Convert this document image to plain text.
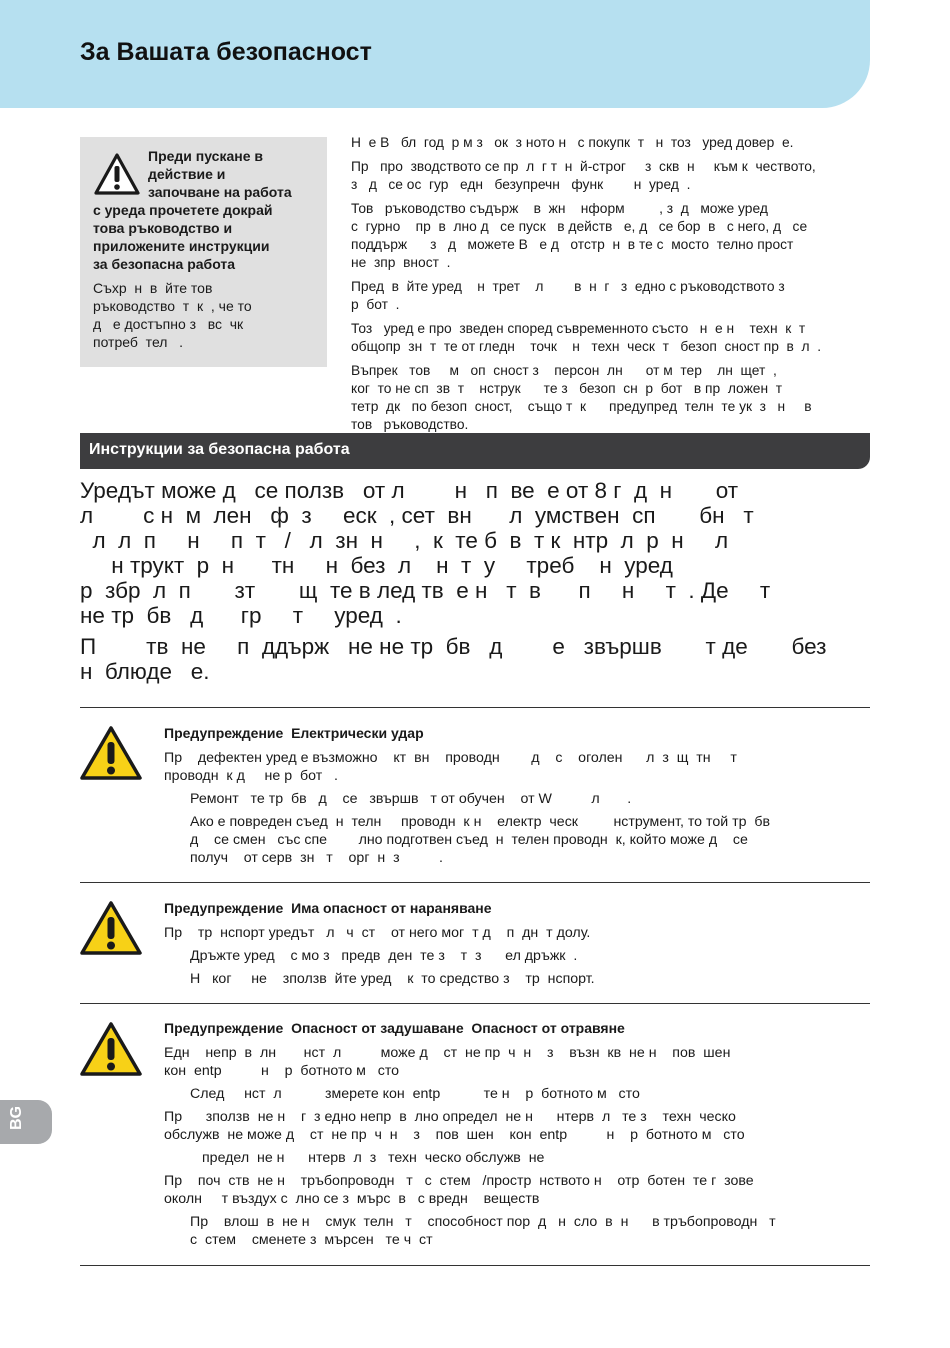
За Вашата безопасност
BG

Преди пускане в
действие и
започване на работа
с уреда прочетете докрай
това ръководство и
приложените инструкции
за безопасна работа

Съхр  н  в  йте тов
ръководство  т  к  , че то
д   е достъпно з   вс  чк
потреб  тел   .

Н  е В   бл  год  р м з   ок  з ното н   с покупк  т   н  тоз   уред довер  е.

Пр   про  зводството се пр  л  г т  н  й-строг     з  скв  н     към к  чеството,
з   д   се ос  гур   едн   безупречн   функ        н  уред  .

Тов   ръководство съдърж    в  жн    нформ         , з  д   може уред
с  гурно    пр  в  лно д   се пуск   в действ   е, д   се бор  в   с него, д   се
поддърж      з   д   можете В   е д   отстр  н  в те с  мосто  телно прост
не  зпр  вност  .

Пред  в  йте уред    н  трет    л        в  н  г   з  едно с ръководството з
р  бот  .

Тоз   уред е про  зведен според съвременното състо   н  е н    техн  к  т
общопр  зн  т  те от гледн    точк    н   техн  ческ  т   безоп  сност пр  в  л  .

Въпрек   тов     м   оп  сност з    персон  лн      от м  тер    лн  щет  ,
ког  то не сп  зв  т    нструк      те з   безоп  сн  р  бот   в пр  ложен  т
тетр  дк   по безоп  сност,    също т  к      предупред  телн  те ук  з   н     в
тов   ръководство.

Инструкции за безопасна работа

Уредът може д   се ползв   от л        н   п  ве  е от 8 г  д  н       от
л        с н  м  лен   ф  з     еск  , сет  вн      л  умствен  сп       бн   т
л  л  п     н     п  т   /   л  зн  н     ,  к  те б  в  т к  нтр  л  р  н     л
н трукт  р  н      тн     н  без  л    н  т  у     треб    н  уред
р  збр  л  п       зт       щ  те в лед тв  е н   т  в      п     н     т  . Де     т
не тр  бв   д      гр     т     уред  .

П        тв  не     п  ддърж   не не тр  бв   д        е   звършв       т де       без
н  блюде   е.

Предупреждение  Електрически удар

Пр    дефектен уред е възможно    кт  вн    проводн        д    с    оголен      л  з  щ  тн     т
проводн  к д     не р  бот   .

Ремонт   те тр  бв   д    се   звършв   т от обучен    от W          л       .

Ако е повреден съед  н  телн     проводн  к н    електр  ческ         нструмент, то той тр  бв
д    се смен   със спе        лно подготвен съед  н  телен проводн  к, който може д    се
получ    от серв  зн   т    орг  н  з          .

Предупреждение  Има опасност от нараняване

Пр    тр  нспорт уредът   л   ч  ст    от него мог  т д    п  дн  т долу.

Дръжте уред    с мо з   предв  ден  те з    т  з      ел дръжк  .

Н   ког     не    зползв  йте уред    к  то средство з    тр  нспорт.

Предупреждение  Опасност от задушаване  Опасност от отравяне

Едн    непр  в  лн       нст  л          може д    ст  не пр  ч  н    з    възн  кв  не н    пов  шен
кон  entр          н    р  ботното м   сто

След     нст  л           змерете кон  entр           те н    р  ботното м   сто

Пр      зползв  не н    г  з едно непр  в  лно определ  не н      нтерв  л   те з    техн  ческо
обслужв  не може д    ст  не пр  ч  н    з    пов  шен    кон  entр          н    р  ботното м   сто

предел  не н      нтерв  л  з   техн  ческо обслужв  не

Пр    поч  ств  не н    тръбопроводн   т   с  стем   /простр  нството н    отр  ботен  те г  зове
околн     т въздух с  лно се з  мърс  в   с вредн    веществ

Пр    влош  в  не н    смук  телн   т    способност пор  д   н  сло  в  н      в тръбопроводн   т
с  стем    сменете з  мърсен   те ч  ст
